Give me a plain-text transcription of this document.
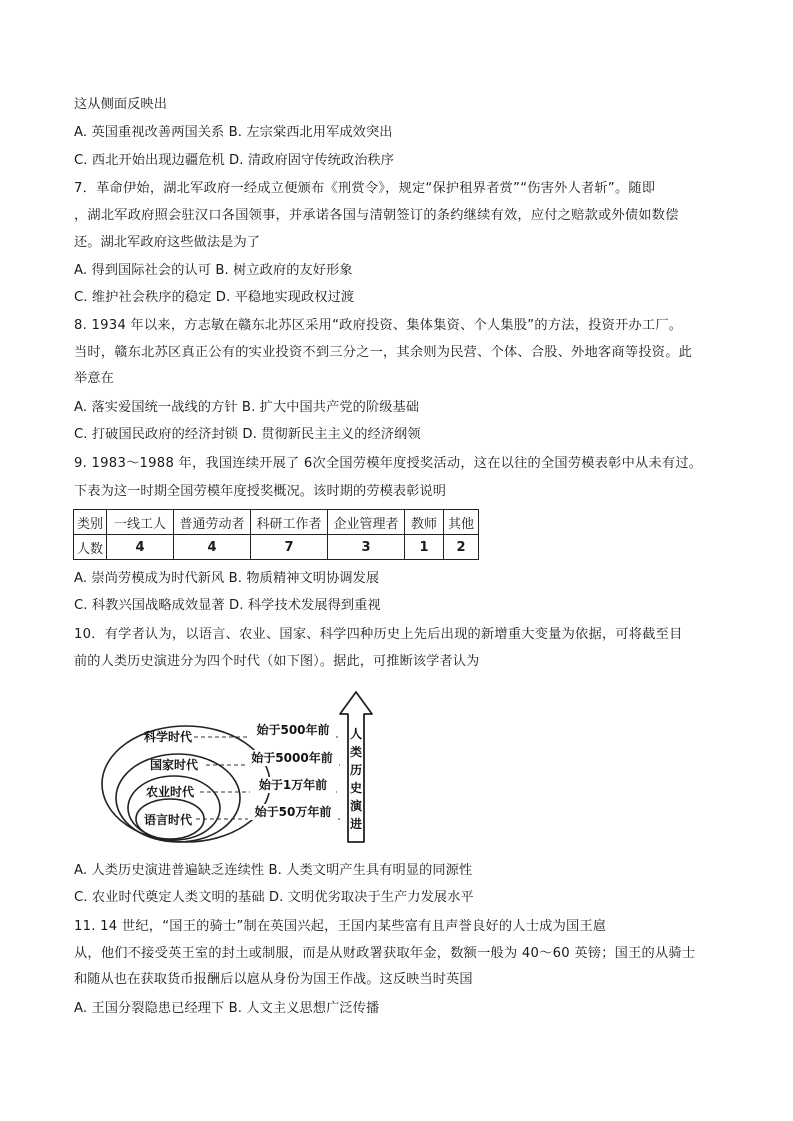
这从侧面反映出
A. 英国重视改善两国关系 B. 左宗棠西北用军成效突出
C. 西北开始出现边疆危机 D. 清政府固守传统政治秩序
7．革命伊始，湖北军政府一经成立便颁布《刑赏令》，规定“保护租界者赏”“伤害外人者斩”。随即
，湖北军政府照会驻汉口各国领事，并承诺各国与清朝签订的条约继续有效，应付之赔款或外债如数偿
还。湖北军政府这些做法是为了
A. 得到国际社会的认可 B. 树立政府的友好形象
C. 维护社会秩序的稳定 D. 平稳地实现政权过渡
8. 1934 年以来，方志敏在赣东北苏区采用“政府投资、集体集资、个人集股”的方法，投资开办工厂。
当时，赣东北苏区真正公有的实业投资不到三分之一，其余则为民营、个体、合股、外地客商等投资。此
举意在
A. 落实爱国统一战线的方针 B. 扩大中国共产党的阶级基础
C. 打破国民政府的经济封锁 D. 贯彻新民主主义的经济纲领
9. 1983～1988 年，我国连续开展了 6次全国劳模年度授奖活动，这在以往的全国劳模表彰中从未有过。
下表为这一时期全国劳模年度授奖概况。该时期的劳模表彰说明
类别	一线工人	普通劳动者	科研工作者	企业管理者	教师	其他
人数	4	4	7	3	1	2
A. 崇尚劳模成为时代新风 B. 物质精神文明协调发展
C. 科教兴国战略成效显著 D. 科学技术发展得到重视
10．有学者认为，以语言、农业、国家、科学四种历史上先后出现的新增重大变量为依据，可将截至目
前的人类历史演进分为四个时代（如下图）。据此，可推断该学者认为
科学时代
国家时代
农业时代
语言时代
始于500年前
始于5000年前
始于1万年前
始于50万年前
人
类
历
史
演
进
A. 人类历史演进普遍缺乏连续性 B. 人类文明产生具有明显的同源性
C. 农业时代奠定人类文明的基础 D. 文明优劣取决于生产力发展水平
11. 14 世纪，“国王的骑士”制在英国兴起，王国内某些富有且声誉良好的人士成为国王扈
从，他们不接受英王室的封土或制服，而是从财政署获取年金，数额一般为 40～60 英镑；国王的从骑士
和随从也在获取货币报酬后以扈从身份为国王作战。这反映当时英国
A. 王国分裂隐患已经理下 B. 人文主义思想广泛传播
